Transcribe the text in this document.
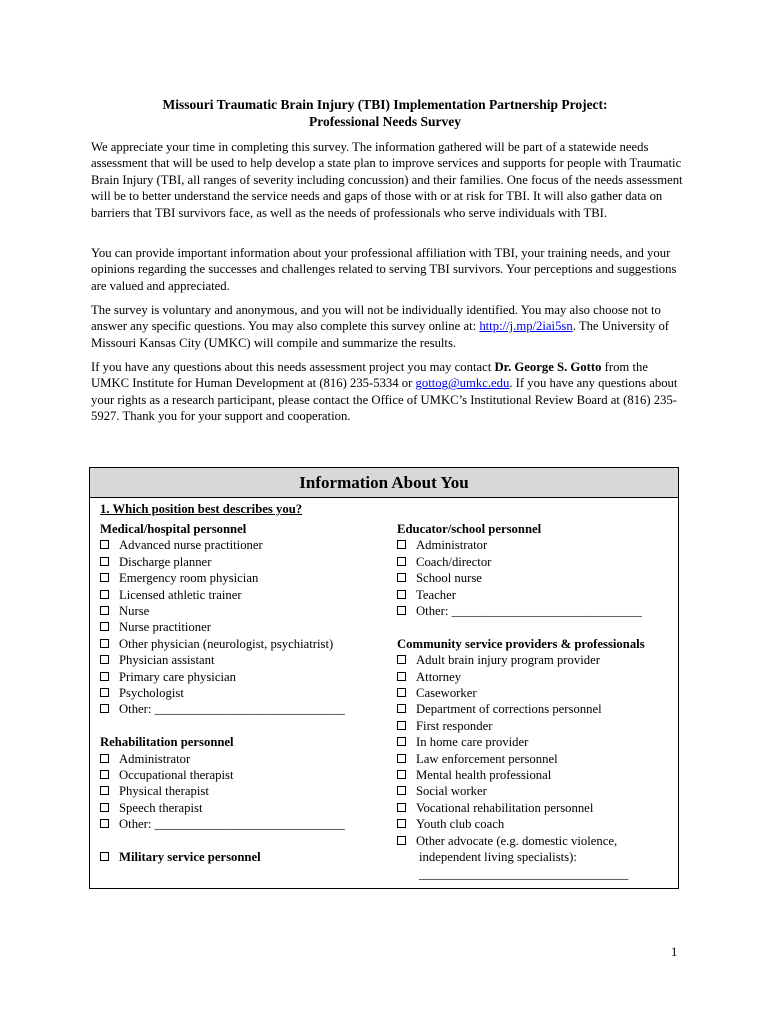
Missouri Traumatic Brain Injury (TBI) Implementation Partnership Project:
Professional Needs Survey

We appreciate your time in completing this survey. The information gathered will be part of a statewide needs assessment that will be used to help develop a state plan to improve services and supports for people with Traumatic Brain Injury (TBI, all ranges of severity including concussion) and their families. One focus of the needs assessment will be to better understand the service needs and gaps of those with or at risk for TBI. It will also gather data on barriers that TBI survivors face, as well as the needs of professionals who serve individuals with TBI.

You can provide important information about your professional affiliation with TBI, your training needs, and your opinions regarding the successes and challenges related to serving TBI survivors. Your perceptions and suggestions are valued and appreciated.

The survey is voluntary and anonymous, and you will not be individually identified. You may also choose not to answer any specific questions. You may also complete this survey online at: http://j.mp/2iai5sn. The University of Missouri Kansas City (UMKC) will compile and summarize the results.

If you have any questions about this needs assessment project you may contact Dr. George S. Gotto from the UMKC Institute for Human Development at (816) 235-5334 or gottog@umkc.edu. If you have any questions about your rights as a research participant, please contact the Office of UMKC’s Institutional Review Board at (816) 235-5927. Thank you for your support and cooperation.

Information About You
1. Which position best describes you?
Medical/hospital personnel
Advanced nurse practitioner
Discharge planner
Emergency room physician
Licensed athletic trainer
Nurse
Nurse practitioner
Other physician (neurologist, psychiatrist)
Physician assistant
Primary care physician
Psychologist
Other: ______________________________
Rehabilitation personnel
Administrator
Occupational therapist
Physical therapist
Speech therapist
Other: ______________________________
Military service personnel
Educator/school personnel
Administrator
Coach/director
School nurse
Teacher
Other: ______________________________
Community service providers & professionals
Adult brain injury program provider
Attorney
Caseworker
Department of corrections personnel
First responder
In home care provider
Law enforcement personnel
Mental health professional
Social worker
Vocational rehabilitation personnel
Youth club coach
Other advocate (e.g. domestic violence,
independent living specialists):
_________________________________
1
